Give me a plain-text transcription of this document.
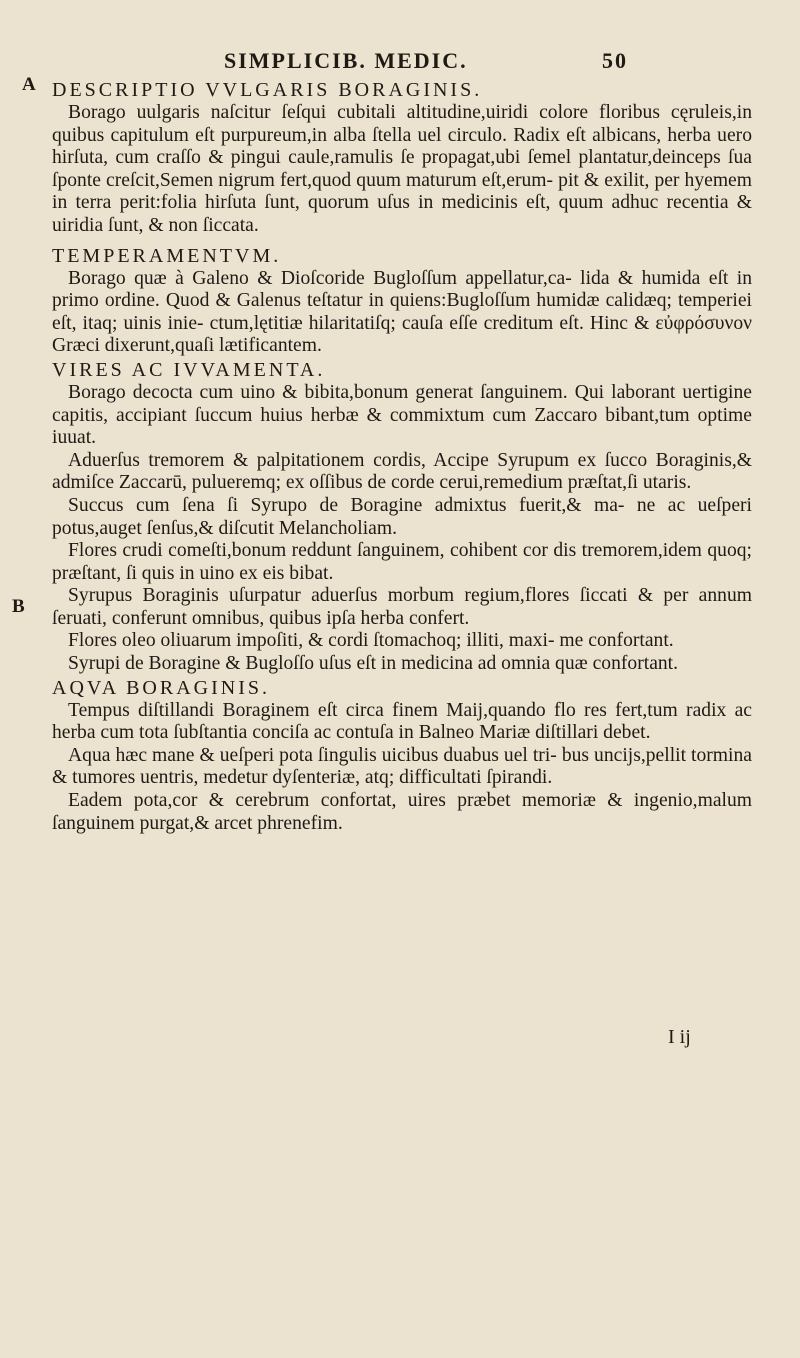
SIMPLICIB. MEDIC.	50
A
B

DESCRIPTIO VVLGARIS BORAGINIS.

Borago uulgaris naſcitur ſeſqui cubitali altitudine,uiridi colore floribus cęruleis,in quibus capitulum eſt purpureum,in alba ſtella uel circulo. Radix eſt albicans, herba uero hirſuta, cum craſſo & pingui caule,ramulis ſe propagat,ubi ſemel plantatur,deinceps ſua ſponte creſcit,Semen nigrum fert,quod quum maturum eſt,erum- pit & exilit, per hyemem in terra perit:folia hirſuta ſunt, quorum uſus in medicinis eſt, quum adhuc recentia & uiridia ſunt, & non ſiccata.

TEMPERAMENTVM.

Borago quæ à Galeno & Dioſcoride Bugloſſum appellatur,ca- lida & humida eſt in primo ordine. Quod & Galenus teſtatur in quiens:Bugloſſum humidæ calidæq; temperiei eſt, itaq; uinis inie- ctum,lętitiæ hilaritatiſq; cauſa eſſe creditum eſt. Hinc & εὐφρόσυνον Græci dixerunt,quaſi lætificantem.

VIRES AC IVVAMENTA.

Borago decocta cum uino & bibita,bonum generat ſanguinem. Qui laborant uertigine capitis, accipiant ſuccum huius herbæ & commixtum cum Zaccaro bibant,tum optime iuuat.

Aduerſus tremorem & palpitationem cordis, Accipe Syrupum ex ſucco Boraginis,& admiſce Zaccarū, pulueremq; ex oſſibus de corde cerui,remedium præſtat,ſi utaris.

Succus cum ſena ſi Syrupo de Boragine admixtus fuerit,& ma- ne ac ueſperi potus,auget ſenſus,& diſcutit Melancholiam.

Flores crudi comeſti,bonum reddunt ſanguinem, cohibent cor dis tremorem,idem quoq; præſtant, ſi quis in uino ex eis bibat.

Syrupus Boraginis uſurpatur aduerſus morbum regium,flores ſiccati & per annum ſeruati, conferunt omnibus, quibus ipſa herba confert.

Flores oleo oliuarum impoſiti, & cordi ſtomachoq; illiti, maxi- me confortant.

Syrupi de Boragine & Bugloſſo uſus eſt in medicina ad omnia quæ confortant.

AQVA BORAGINIS.

Tempus diſtillandi Boraginem eſt circa finem Maij,quando flo res fert,tum radix ac herba cum tota ſubſtantia conciſa ac contuſa in Balneo Mariæ diſtillari debet.

Aqua hæc mane & ueſperi pota ſingulis uicibus duabus uel tri- bus uncijs,pellit tormina & tumores uentris, medetur dyſenteriæ, atq; difficultati ſpirandi.

Eadem pota,cor & cerebrum confortat, uires præbet memoriæ & ingenio,malum ſanguinem purgat,& arcet phrenefim.

I ij
